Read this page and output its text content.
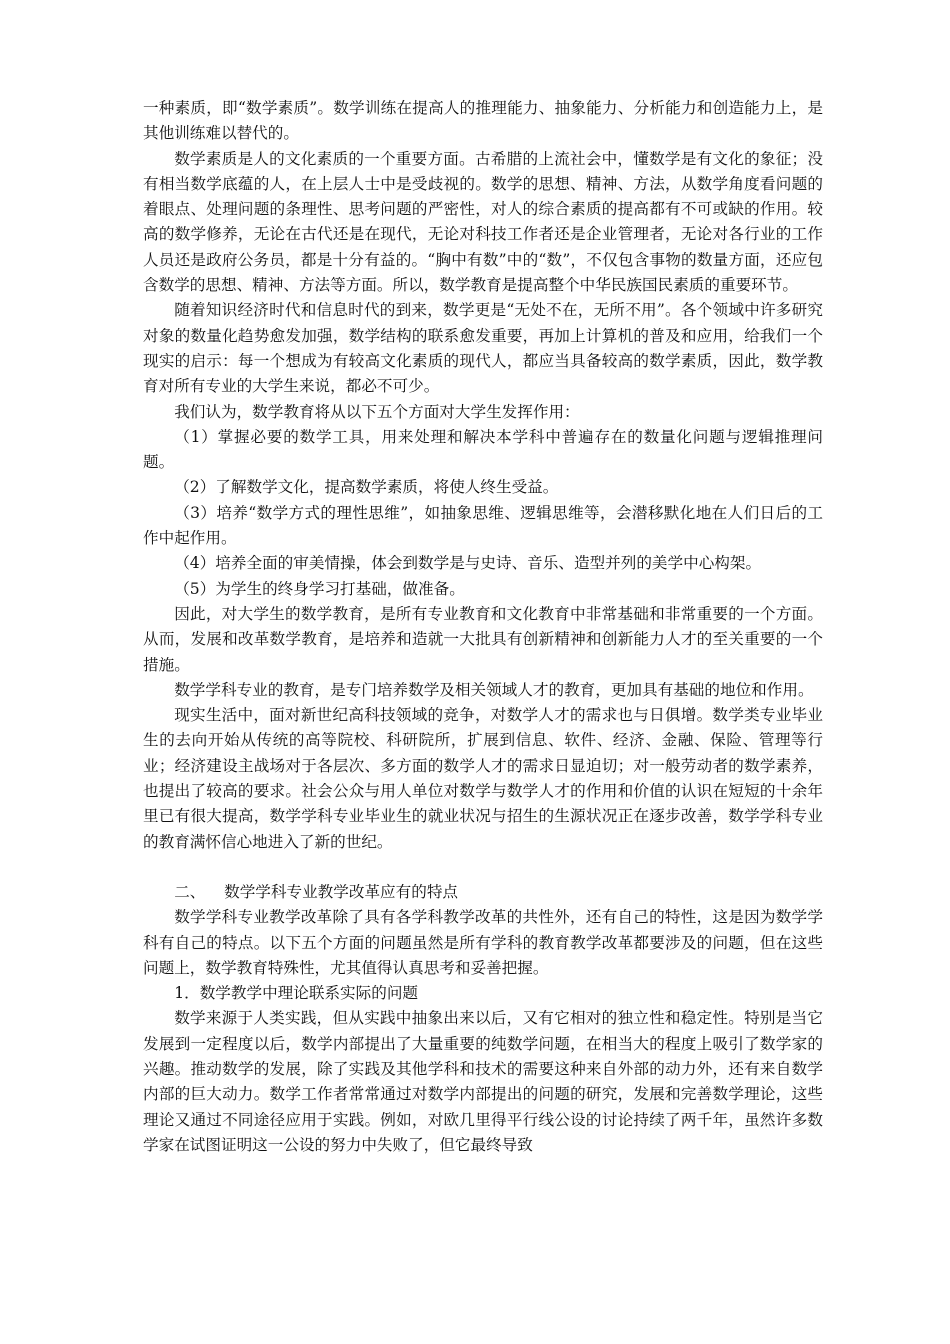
一种素质，即“数学素质”。数学训练在提高人的推理能力、抽象能力、分析能力和创造能力上，是其他训练难以替代的。

数学素质是人的文化素质的一个重要方面。古希腊的上流社会中，懂数学是有文化的象征；没有相当数学底蕴的人，在上层人士中是受歧视的。数学的思想、精神、方法，从数学角度看问题的着眼点、处理问题的条理性、思考问题的严密性，对人的综合素质的提高都有不可或缺的作用。较高的数学修养，无论在古代还是在现代，无论对科技工作者还是企业管理者，无论对各行业的工作人员还是政府公务员，都是十分有益的。“胸中有数”中的“数”，不仅包含事物的数量方面，还应包含数学的思想、精神、方法等方面。所以，数学教育是提高整个中华民族国民素质的重要环节。

随着知识经济时代和信息时代的到来，数学更是“无处不在，无所不用”。各个领域中许多研究对象的数量化趋势愈发加强，数学结构的联系愈发重要，再加上计算机的普及和应用，给我们一个现实的启示：每一个想成为有较高文化素质的现代人，都应当具备较高的数学素质，因此，数学教育对所有专业的大学生来说，都必不可少。

我们认为，数学教育将从以下五个方面对大学生发挥作用：

（1）掌握必要的数学工具，用来处理和解决本学科中普遍存在的数量化问题与逻辑推理问题。

（2）了解数学文化，提高数学素质，将使人终生受益。

（3）培养“数学方式的理性思维”，如抽象思维、逻辑思维等，会潜移默化地在人们日后的工作中起作用。

（4）培养全面的审美情操，体会到数学是与史诗、音乐、造型并列的美学中心构架。

（5）为学生的终身学习打基础，做准备。

因此，对大学生的数学教育，是所有专业教育和文化教育中非常基础和非常重要的一个方面。从而，发展和改革数学教育，是培养和造就一大批具有创新精神和创新能力人才的至关重要的一个措施。

数学学科专业的教育，是专门培养数学及相关领域人才的教育，更加具有基础的地位和作用。

现实生活中，面对新世纪高科技领域的竞争，对数学人才的需求也与日俱增。数学类专业毕业生的去向开始从传统的高等院校、科研院所，扩展到信息、软件、经济、金融、保险、管理等行业；经济建设主战场对于各层次、多方面的数学人才的需求日显迫切；对一般劳动者的数学素养，也提出了较高的要求。社会公众与用人单位对数学与数学人才的作用和价值的认识在短短的十余年里已有很大提高，数学学科专业毕业生的就业状况与招生的生源状况正在逐步改善，数学学科专业的教育满怀信心地进入了新的世纪。

二、 数学学科专业教学改革应有的特点

数学学科专业教学改革除了具有各学科教学改革的共性外，还有自己的特性，这是因为数学学科有自己的特点。以下五个方面的问题虽然是所有学科的教育教学改革都要涉及的问题，但在这些问题上，数学教育特殊性，尤其值得认真思考和妥善把握。

1．数学教学中理论联系实际的问题

数学来源于人类实践，但从实践中抽象出来以后，又有它相对的独立性和稳定性。特别是当它发展到一定程度以后，数学内部提出了大量重要的纯数学问题，在相当大的程度上吸引了数学家的兴趣。推动数学的发展，除了实践及其他学科和技术的需要这种来自外部的动力外，还有来自数学内部的巨大动力。数学工作者常常通过对数学内部提出的问题的研究，发展和完善数学理论，这些理论又通过不同途径应用于实践。例如，对欧几里得平行线公设的讨论持续了两千年，虽然许多数学家在试图证明这一公设的努力中失败了，但它最终导致
